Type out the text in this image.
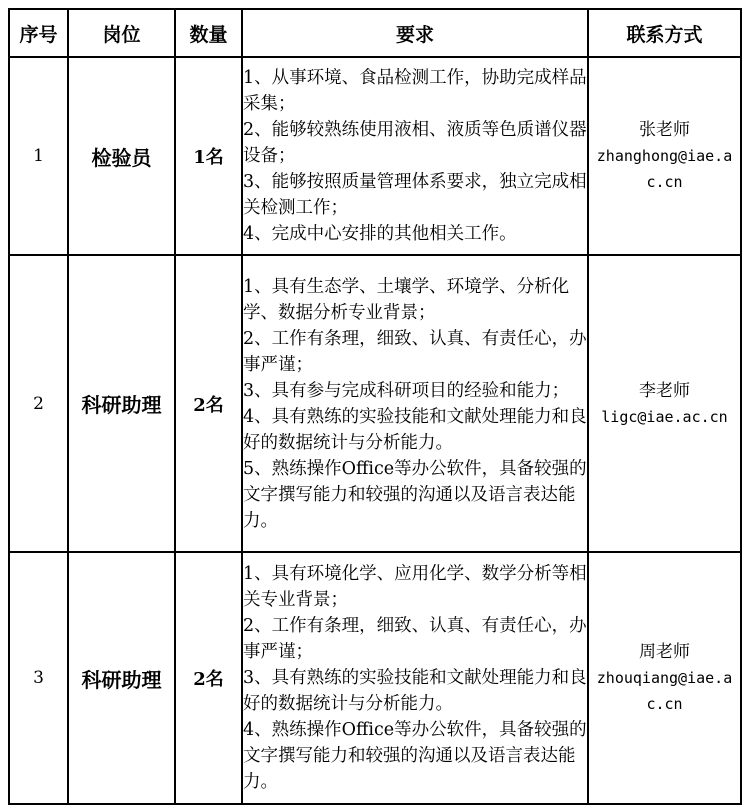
序号	岗位	数量	要求	联系方式
1	检验员	1名	1、从事环境、食品检测工作，协助完成样品采集；
2、能够较熟练使用液相、液质等色质谱仪器设备；
3、能够按照质量管理体系要求，独立完成相关检测工作；
4、完成中心安排的其他相关工作。	张老师
zhanghong@iae.ac.cn

2	科研助理	2名	1、具有生态学、土壤学、环境学、分析化学、数据分析专业背景；
2、工作有条理，细致、认真、有责任心，办事严谨；
3、具有参与完成科研项目的经验和能力；
4、具有熟练的实验技能和文献处理能力和良好的数据统计与分析能力。
5、熟练操作Office等办公软件，具备较强的文字撰写能力和较强的沟通以及语言表达能力。	李老师
ligc@iae.ac.cn

3	科研助理	2名	1、具有环境化学、应用化学、数学分析等相关专业背景；
2、工作有条理，细致、认真、有责任心，办事严谨；
3、具有熟练的实验技能和文献处理能力和良好的数据统计与分析能力。
4、熟练操作Office等办公软件，具备较强的文字撰写能力和较强的沟通以及语言表达能力。	周老师
zhouqiang@iae.ac.cn
